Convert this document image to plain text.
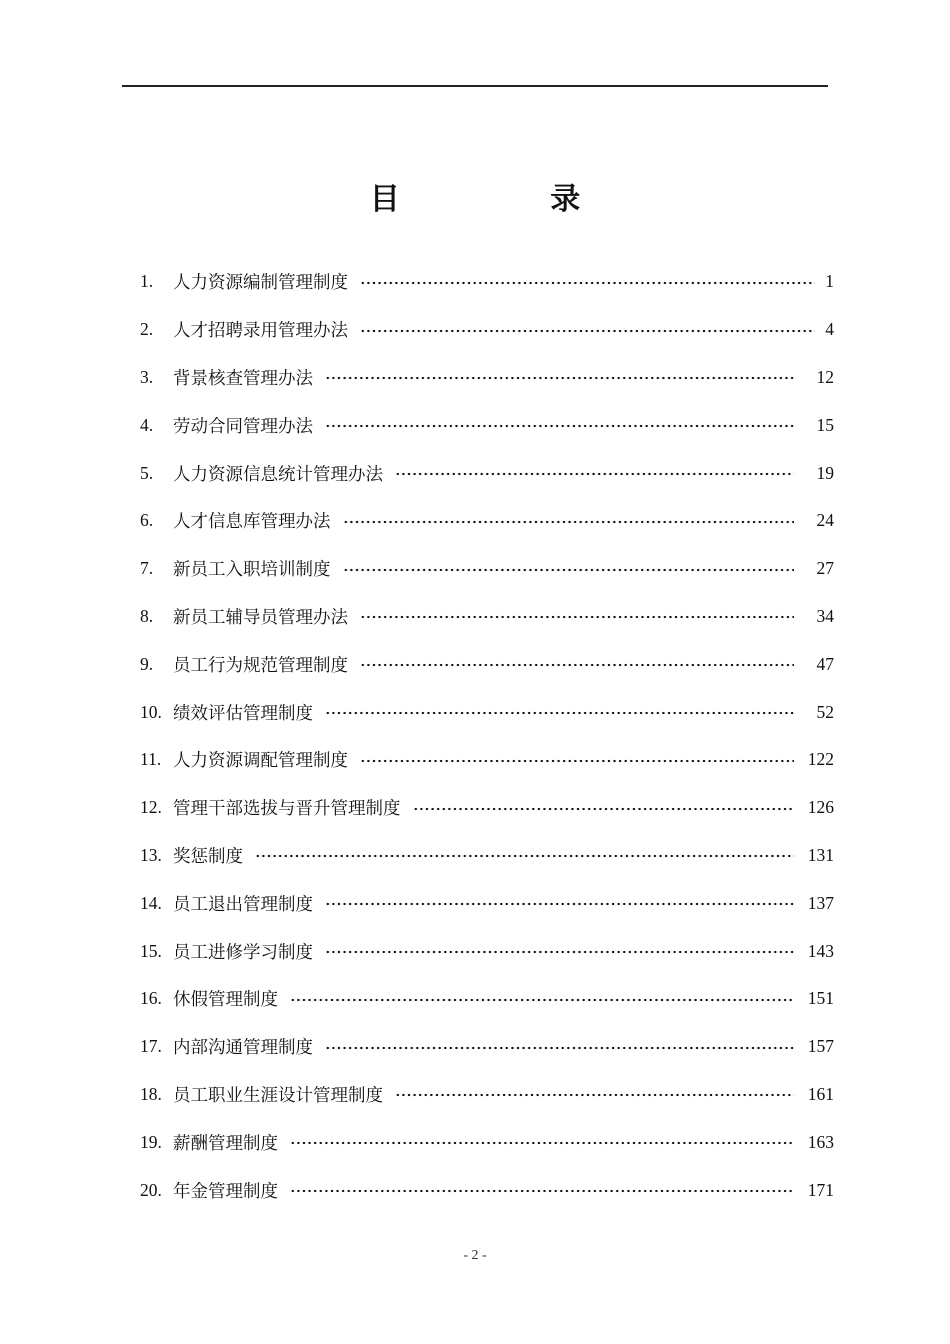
目 录
1.	人力资源编制管理制度	1
2.	人才招聘录用管理办法	4
3.	背景核查管理办法	12
4.	劳动合同管理办法	15
5.	人力资源信息统计管理办法	19
6.	人才信息库管理办法	24
7.	新员工入职培训制度	27
8.	新员工辅导员管理办法	34
9.	员工行为规范管理制度	47
10. 绩效评估管理制度	52
11. 人力资源调配管理制度	122
12. 管理干部选拔与晋升管理制度	126
13. 奖惩制度	131
14. 员工退出管理制度	137
15. 员工进修学习制度	143
16. 休假管理制度	151
17. 内部沟通管理制度	157
18. 员工职业生涯设计管理制度	161
19. 薪酬管理制度	163
20. 年金管理制度	171
- 2 -
